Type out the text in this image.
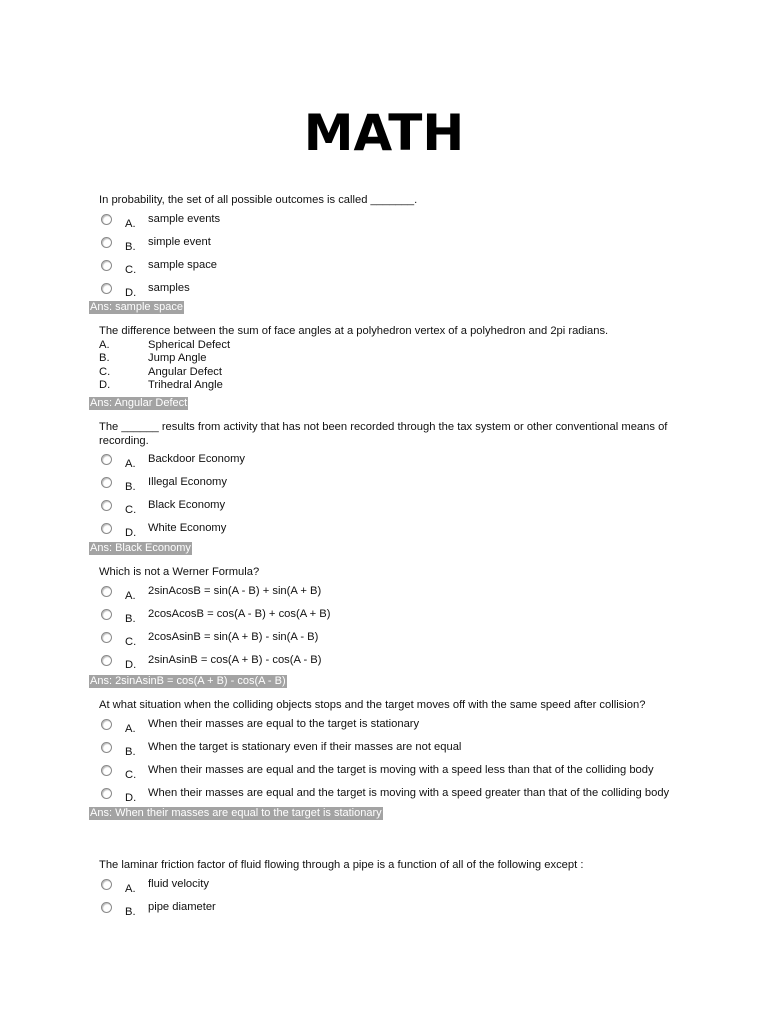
MATH
In probability, the set of all possible outcomes is called _______.
A. sample events
B. simple event
C. sample space
D. samples
Ans: sample space
The difference between the sum of face angles at a polyhedron vertex of a polyhedron and 2pi radians.
A.	Spherical Defect
B.	Jump Angle
C.	Angular Defect
D.	Trihedral Angle
Ans: Angular Defect
The ______ results from activity that has not been recorded through the tax system or other conventional means of recording.
A. Backdoor Economy
B. Illegal Economy
C. Black Economy
D. White Economy
Ans: Black Economy
Which is not a Werner Formula?
A. 2sinAcosB = sin(A - B) + sin(A + B)
B. 2cosAcosB = cos(A - B) + cos(A + B)
C. 2cosAsinB = sin(A + B) - sin(A - B)
D. 2sinAsinB = cos(A + B) - cos(A - B)
Ans: 2sinAsinB = cos(A + B) - cos(A - B)
At what situation when the colliding objects stops and the target moves off with the same speed after collision?
A. When their masses are equal to the target is stationary
B. When the target is stationary even if their masses are not equal
C. When their masses are equal and the target is moving with a speed less than that of the colliding body
D. When their masses are equal and the target is moving with a speed greater than that of the colliding body
Ans: When their masses are equal to the target is stationary
The laminar friction factor of fluid flowing through a pipe is a function of all of the following except :
A. fluid velocity
B. pipe diameter
